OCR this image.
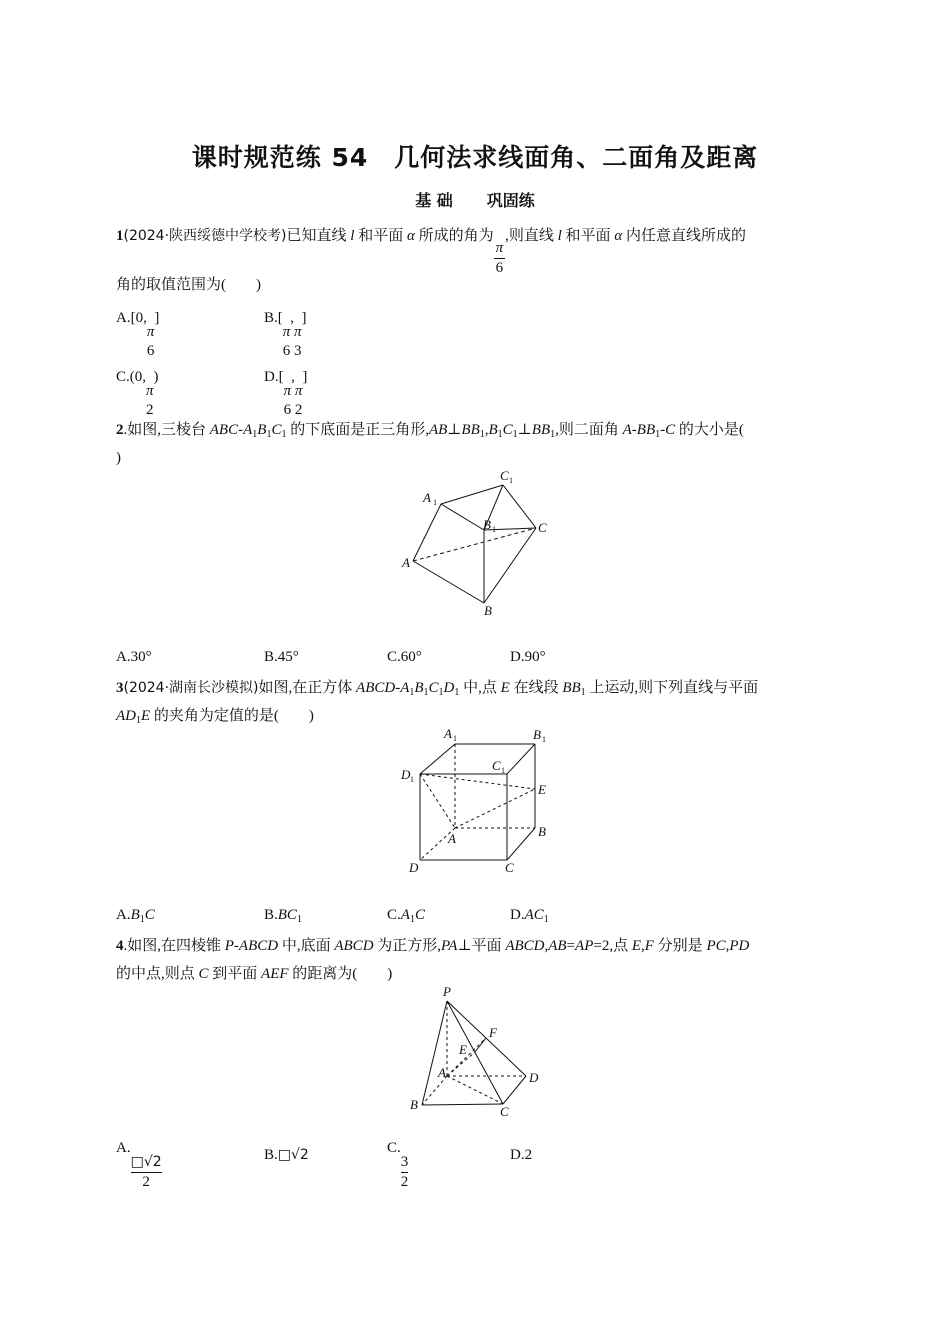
课时规范练 54　几何法求线面角、二面角及距离
基 础 巩固练
1(2024·陕西绥德中学校考)已知直线 l 和平面 α 所成的角为
$\frac{\pi}{6}$
,则直线 l 和平面 α 内任意直线所成的
角的取值范围为(　　)
A.[0,
π
6
]	B.[
π
6
,
π
3
]
C.(0,
π
2
)	D.[
π
6
,
π
2
]
2.如图,三棱台 ABC-$A_1B_1C_1$ 的下底面是正三角形$,AB\perp BB_1,B_1C_1\perp BB_1$,则二面角 $A-BB_1-C$ 的大小是(
)
A 1
C 1
B 1	C
A
B
A.30°	B.45°	C.60°	D.90°
3(2024·湖南长沙模拟)如图,在正方体 ABCD-$A_1B_1C_1D_1$ 中,点 E 在线段 $BB_1$ 上运动,则下列直线与平面
$AD_1E$ 的夹角为定值的是(　　)
A 1	B 1
C 1
D 1
E
B
A
D	C
$A.B_1C$	$B.BC_1$	$C.A_1C$	$D.AC_1$
4.如图,在四棱锥 P-ABCD 中,底面 ABCD 为正方形,PA⊥平面 ABCD,AB=AP=2,点 E,F 分别是 PC,PD
的中点,则点 C 到平面 AEF 的距离为(　　)
P
F
E
A	D
B	C
A.
$\frac{□√2}{2}$	B.□√2	C.
$\frac{3}{2}$	D.2
